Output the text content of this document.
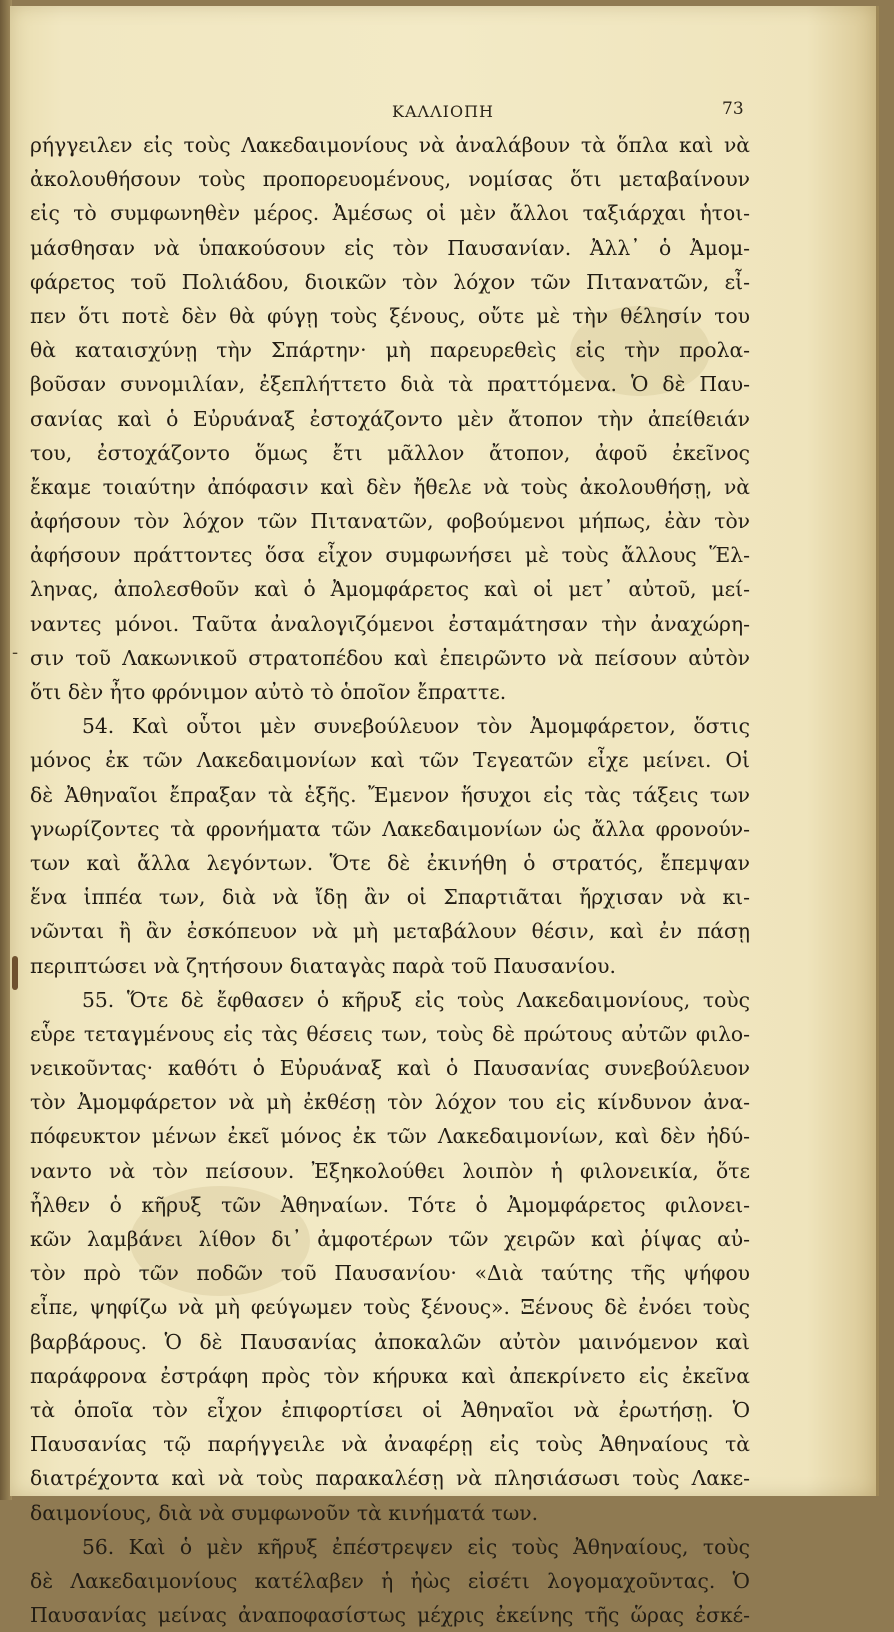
ΚΑΛΛΙΟΠΗ	73
-
ρήγγειλεν εἰς τοὺς Λακεδαιμονίους νὰ ἀναλάβουν τὰ ὅπλα καὶ νὰ
ἀκολουθήσουν τοὺς προπορευομένους, νομίσας ὅτι μεταβαίνουν
εἰς τὸ συμφωνηθὲν μέρος. Ἀμέσως οἱ μὲν ἄλλοι ταξιάρχαι ἡτοι-
μάσθησαν νὰ ὑπακούσουν εἰς τὸν Παυσανίαν. Ἀλλ᾽ ὁ Ἀμομ-
φάρετος τοῦ Πολιάδου, διοικῶν τὸν λόχον τῶν Πιτανατῶν, εἶ-
πεν ὅτι ποτὲ δὲν θὰ φύγῃ τοὺς ξένους, οὔτε μὲ τὴν θέλησίν του
θὰ καταισχύνῃ τὴν Σπάρτην· μὴ παρευρεθεὶς εἰς τὴν προλα-
βοῦσαν συνομιλίαν, ἐξεπλήττετο διὰ τὰ πραττόμενα. Ὁ δὲ Παυ-
σανίας καὶ ὁ Εὐρυάναξ ἐστοχάζοντο μὲν ἄτοπον τὴν ἀπείθειάν
του, ἐστοχάζοντο ὅμως ἔτι μᾶλλον ἄτοπον, ἀφοῦ ἐκεῖνος
ἔκαμε τοιαύτην ἀπόφασιν καὶ δὲν ἤθελε νὰ τοὺς ἀκολουθήσῃ, νὰ
ἀφήσουν τὸν λόχον τῶν Πιτανατῶν, φοβούμενοι μήπως, ἐὰν τὸν
ἀφήσουν πράττοντες ὅσα εἶχον συμφωνήσει μὲ τοὺς ἄλλους Ἕλ-
ληνας, ἀπολεσθοῦν καὶ ὁ Ἀμομφάρετος καὶ οἱ μετ᾽ αὐτοῦ, μεί-
ναντες μόνοι. Ταῦτα ἀναλογιζόμενοι ἐσταμάτησαν τὴν ἀναχώρη-
σιν τοῦ Λακωνικοῦ στρατοπέδου καὶ ἐπειρῶντο νὰ πείσουν αὐτὸν
ὅτι δὲν ἦτο φρόνιμον αὐτὸ τὸ ὁποῖον ἔπραττε.
54. Καὶ οὗτοι μὲν συνεβούλευον τὸν Ἀμομφάρετον, ὅστις
μόνος ἐκ τῶν Λακεδαιμονίων καὶ τῶν Τεγεατῶν εἶχε μείνει. Οἱ
δὲ Ἀθηναῖοι ἔπραξαν τὰ ἑξῆς. Ἔμενον ἥσυχοι εἰς τὰς τάξεις των
γνωρίζοντες τὰ φρονήματα τῶν Λακεδαιμονίων ὡς ἄλλα φρονούν-
των καὶ ἄλλα λεγόντων. Ὅτε δὲ ἐκινήθη ὁ στρατός, ἔπεμψαν
ἕνα ἱππέα των, διὰ νὰ ἴδῃ ἂν οἱ Σπαρτιᾶται ἤρχισαν νὰ κι-
νῶνται ἢ ἂν ἐσκόπευον νὰ μὴ μεταβάλουν θέσιν, καὶ ἐν πάσῃ
περιπτώσει νὰ ζητήσουν διαταγὰς παρὰ τοῦ Παυσανίου.
55. Ὅτε δὲ ἔφθασεν ὁ κῆρυξ εἰς τοὺς Λακεδαιμονίους, τοὺς
εὗρε τεταγμένους εἰς τὰς θέσεις των, τοὺς δὲ πρώτους αὐτῶν φιλο-
νεικοῦντας· καθότι ὁ Εὐρυάναξ καὶ ὁ Παυσανίας συνεβούλευον
τὸν Ἀμομφάρετον νὰ μὴ ἐκθέσῃ τὸν λόχον του εἰς κίνδυνον ἀνα-
πόφευκτον μένων ἐκεῖ μόνος ἐκ τῶν Λακεδαιμονίων, καὶ δὲν ἠδύ-
ναντο νὰ τὸν πείσουν. Ἐξηκολούθει λοιπὸν ἡ φιλονεικία, ὅτε
ἦλθεν ὁ κῆρυξ τῶν Ἀθηναίων. Τότε ὁ Ἀμομφάρετος φιλονει-
κῶν λαμβάνει λίθον δι᾽ ἀμφοτέρων τῶν χειρῶν καὶ ῥίψας αὐ-
τὸν πρὸ τῶν ποδῶν τοῦ Παυσανίου· «Διὰ ταύτης τῆς ψήφου
εἶπε, ψηφίζω νὰ μὴ φεύγωμεν τοὺς ξένους». Ξένους δὲ ἐνόει τοὺς
βαρβάρους. Ὁ δὲ Παυσανίας ἀποκαλῶν αὐτὸν μαινόμενον καὶ
παράφρονα ἐστράφη πρὸς τὸν κήρυκα καὶ ἀπεκρίνετο εἰς ἐκεῖνα
τὰ ὁποῖα τὸν εἶχον ἐπιφορτίσει οἱ Ἀθηναῖοι νὰ ἐρωτήσῃ. Ὁ
Παυσανίας τῷ παρήγγειλε νὰ ἀναφέρῃ εἰς τοὺς Ἀθηναίους τὰ
διατρέχοντα καὶ νὰ τοὺς παρακαλέσῃ νὰ πλησιάσωσι τοὺς Λακε-
δαιμονίους, διὰ νὰ συμφωνοῦν τὰ κινήματά των.
56. Καὶ ὁ μὲν κῆρυξ ἐπέστρεψεν εἰς τοὺς Ἀθηναίους, τοὺς
δὲ Λακεδαιμονίους κατέλαβεν ἡ ἠὼς εἰσέτι λογομαχοῦντας. Ὁ
Παυσανίας μείνας ἀναποφασίστως μέχρις ἐκείνης τῆς ὥρας ἐσκέ-
